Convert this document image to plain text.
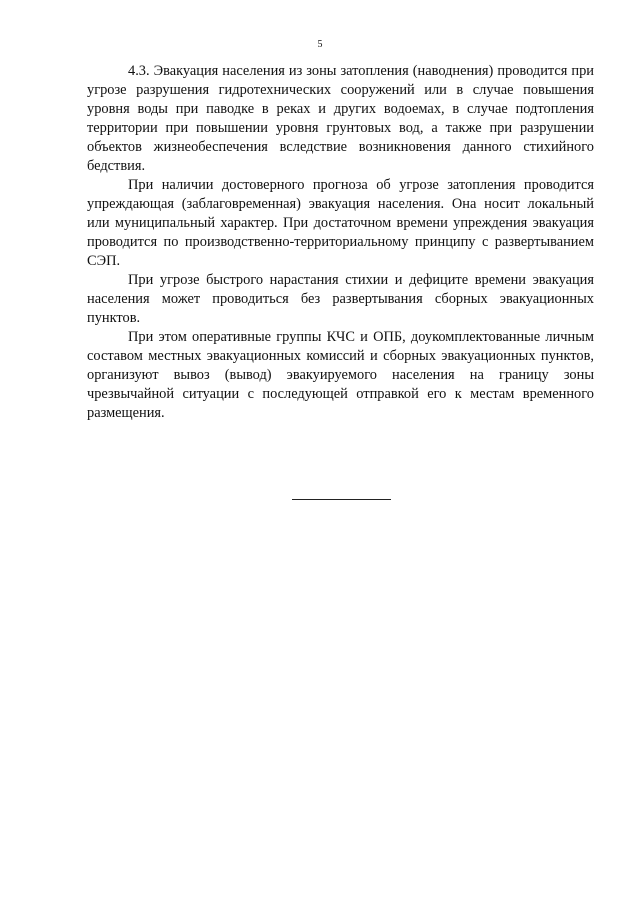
5

4.3. Эвакуация населения из зоны затопления (наводнения) проводится при угрозе разрушения гидротехнических сооружений или в случае повышения уровня воды при паводке в реках и других водоемах, в случае подтопления территории при повышении уровня грунтовых вод, а также при разрушении объектов жизнеобеспечения вследствие возникновения данного стихийного бедствия.

При наличии достоверного прогноза об угрозе затопления проводится упреждающая (заблаговременная) эвакуация населения. Она носит локальный или муниципальный характер. При достаточном времени упреждения эвакуация проводится по производственно-территориальному принципу с развертыванием СЭП.

При угрозе быстрого нарастания стихии и дефиците времени эвакуация населения может проводиться без развертывания сборных эвакуационных пунктов.

При этом оперативные группы КЧС и ОПБ, доукомплектованные личным составом местных эвакуационных комиссий и сборных эвакуационных пунктов, организуют вывоз (вывод) эвакуируемого населения на границу зоны чрезвычайной ситуации с последующей отправкой его к местам временного размещения.
